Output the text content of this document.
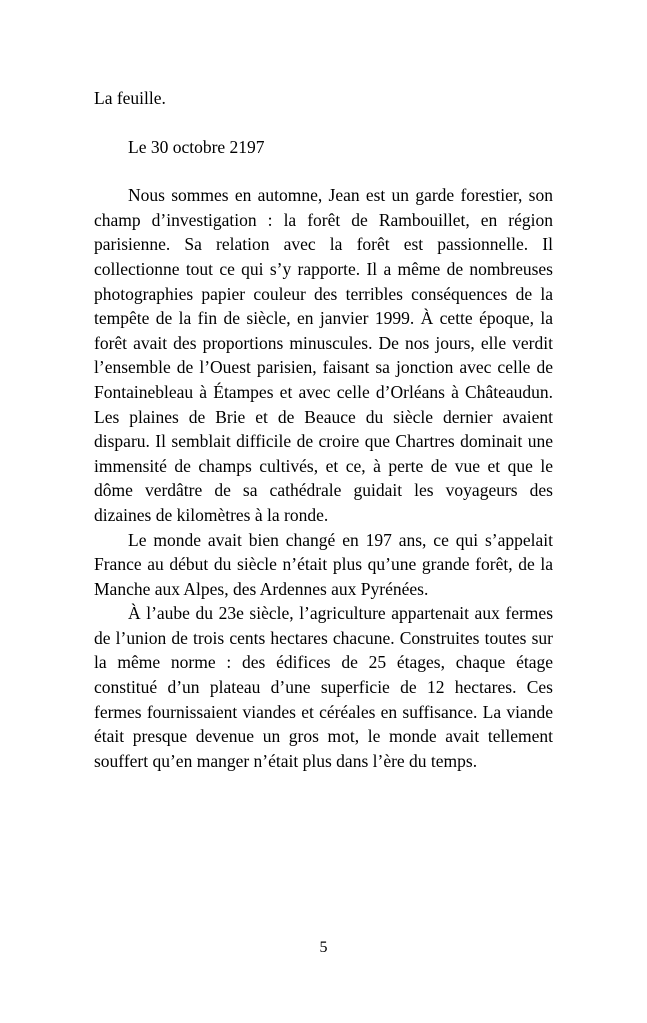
La feuille.

Le 30 octobre 2197

Nous sommes en automne, Jean est un garde forestier, son champ d’investigation : la forêt de Rambouillet, en région parisienne. Sa relation avec la forêt est passionnelle. Il collectionne tout ce qui s’y rapporte. Il a même de nombreuses photographies papier couleur des terribles conséquences de la tempête de la fin de siècle, en janvier 1999. À cette époque, la forêt avait des proportions minuscules. De nos jours, elle verdit l’ensemble de l’Ouest parisien, faisant sa jonction avec celle de Fontainebleau à Étampes et avec celle d’Orléans à Châteaudun. Les plaines de Brie et de Beauce du siècle dernier avaient disparu. Il semblait difficile de croire que Chartres dominait une immensité de champs cultivés, et ce, à perte de vue et que le dôme verdâtre de sa cathédrale guidait les voyageurs des dizaines de kilomètres à la ronde.

Le monde avait bien changé en 197 ans, ce qui s’appelait France au début du siècle n’était plus qu’une grande forêt, de la Manche aux Alpes, des Ardennes aux Pyrénées.

À l’aube du 23e siècle, l’agriculture appartenait aux fermes de l’union de trois cents hectares chacune. Construites toutes sur la même norme : des édifices de 25 étages, chaque étage constitué d’un plateau d’une superficie de 12 hectares. Ces fermes fournissaient viandes et céréales en suffisance. La viande était presque devenue un gros mot, le monde avait tellement souffert qu’en manger n’était plus dans l’ère du temps.

5
